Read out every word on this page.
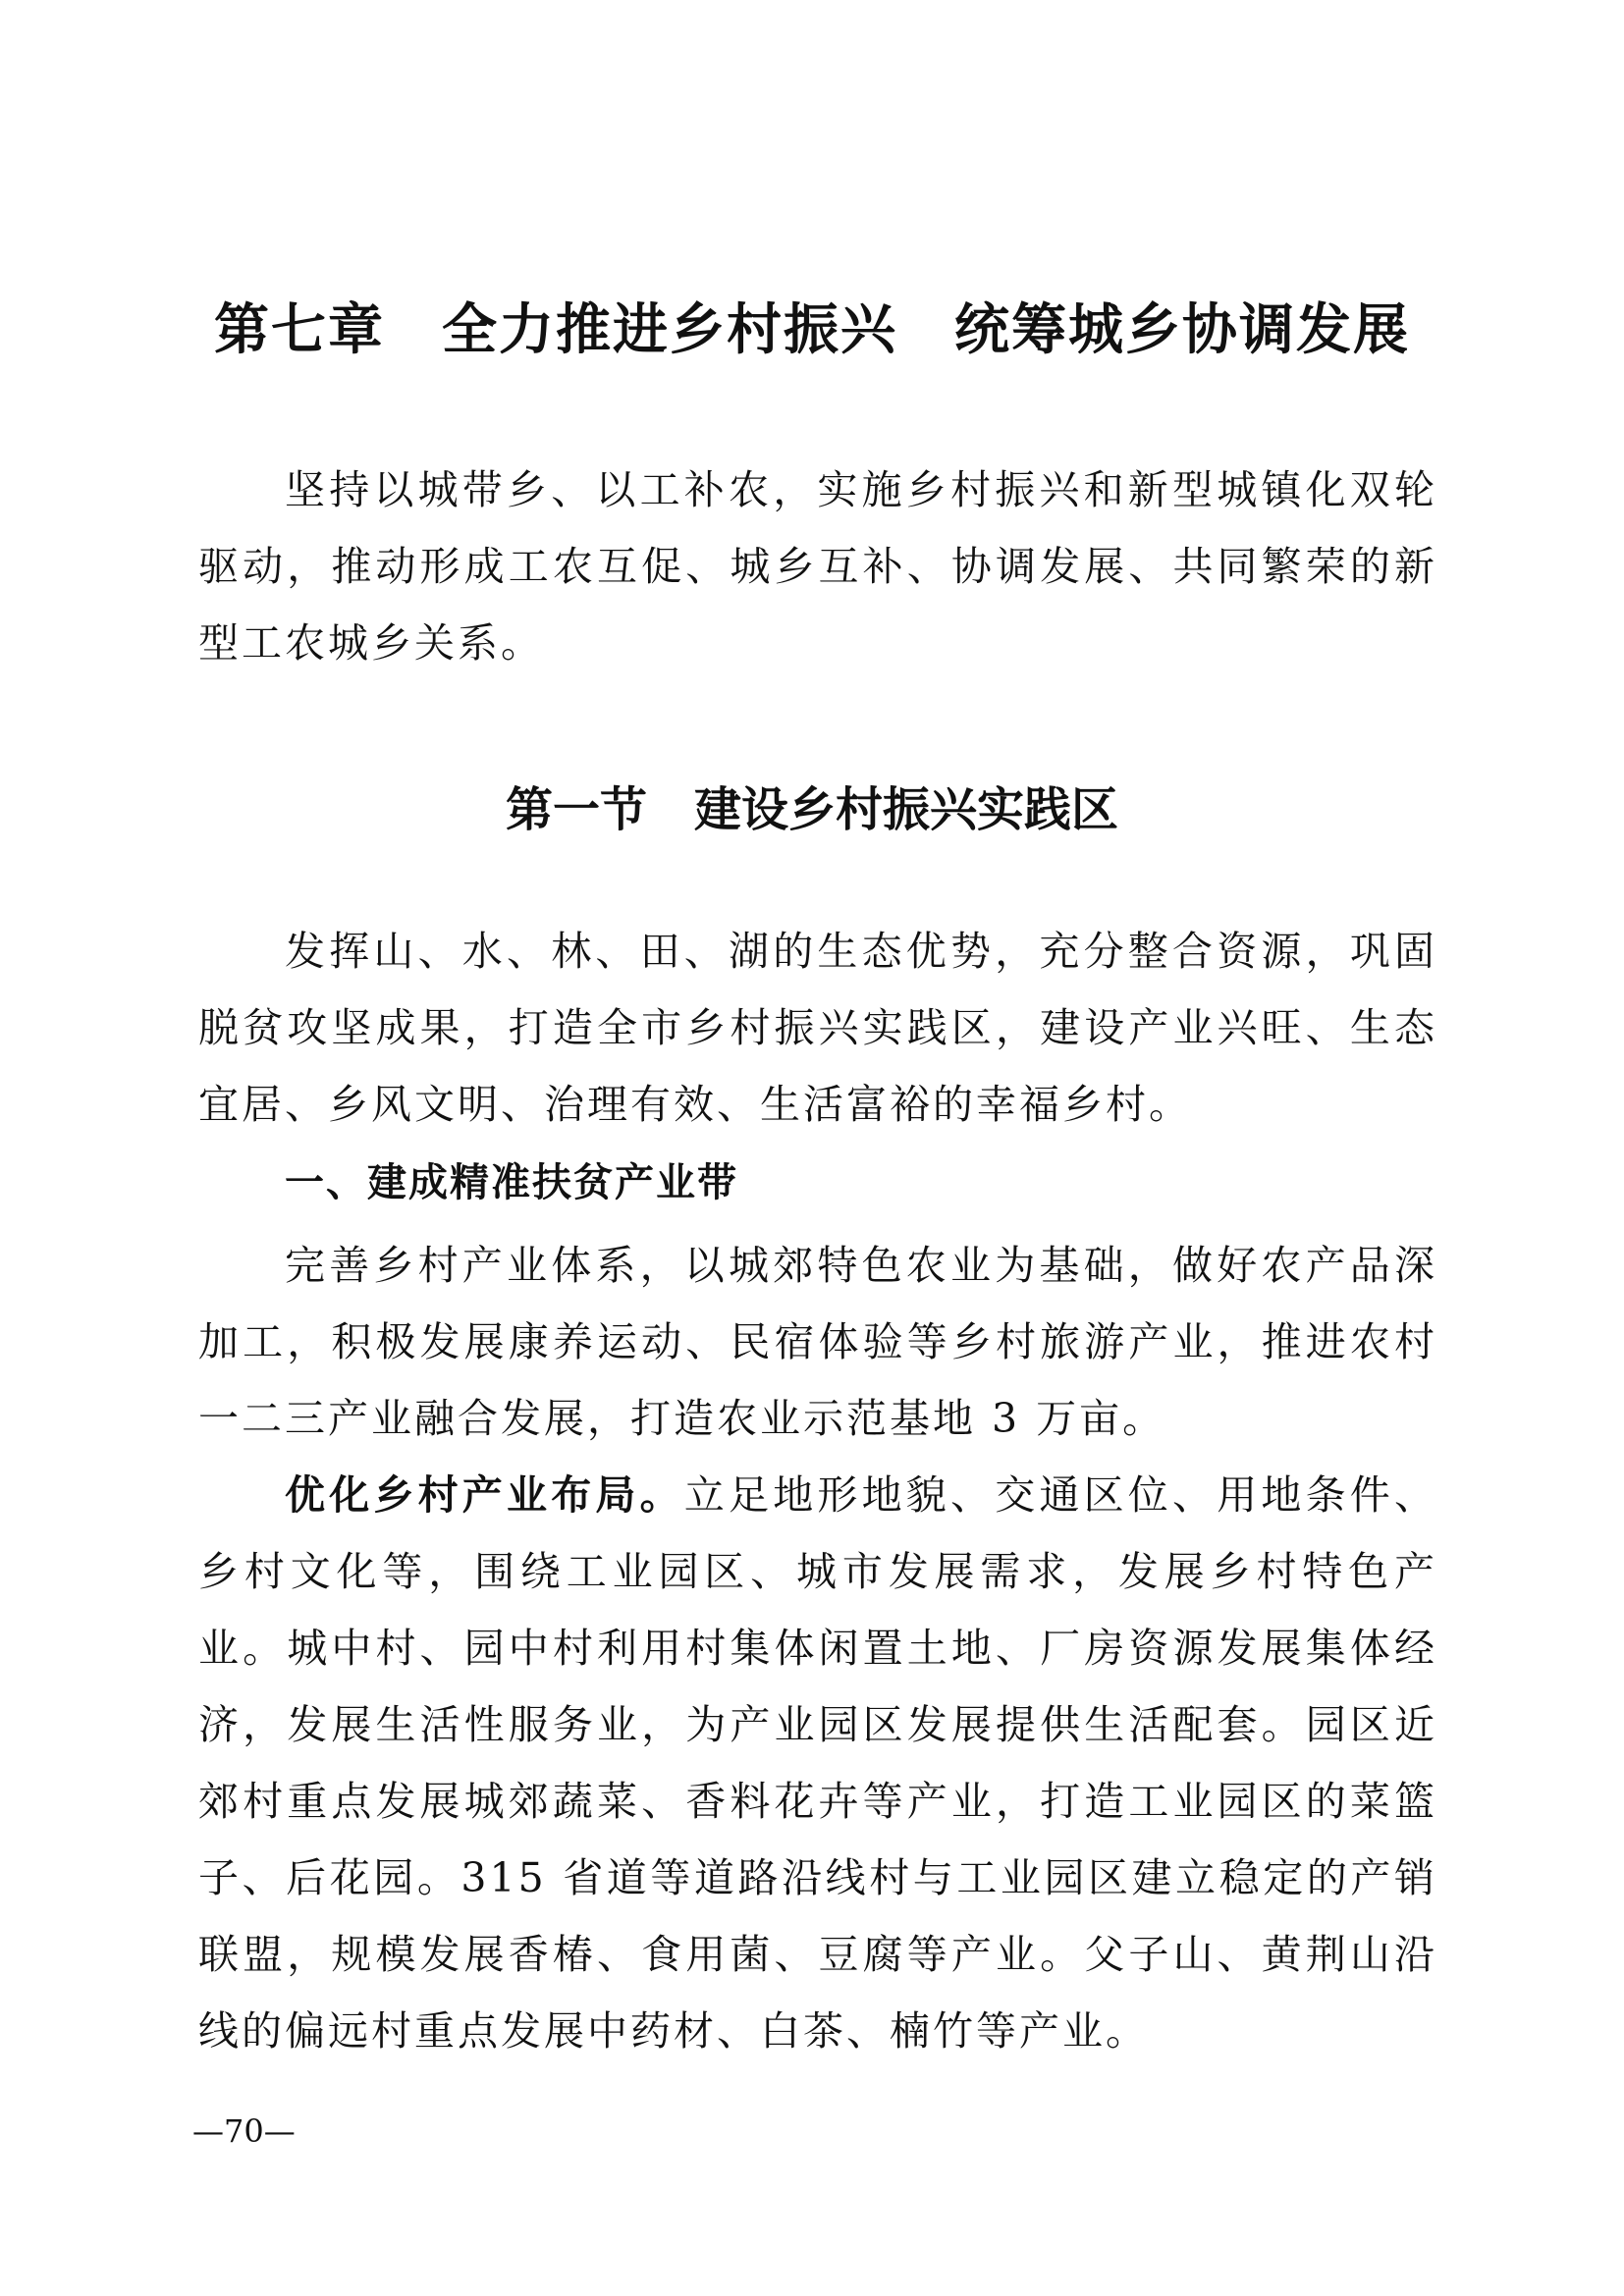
第七章　全力推进乡村振兴　统筹城乡协调发展

坚持以城带乡、以工补农，实施乡村振兴和新型城镇化双轮驱动，推动形成工农互促、城乡互补、协调发展、共同繁荣的新型工农城乡关系。

第一节　建设乡村振兴实践区

发挥山、水、林、田、湖的生态优势，充分整合资源，巩固脱贫攻坚成果，打造全市乡村振兴实践区，建设产业兴旺、生态宜居、乡风文明、治理有效、生活富裕的幸福乡村。

一、建成精准扶贫产业带

完善乡村产业体系，以城郊特色农业为基础，做好农产品深加工，积极发展康养运动、民宿体验等乡村旅游产业，推进农村一二三产业融合发展，打造农业示范基地 3 万亩。

优化乡村产业布局。立足地形地貌、交通区位、用地条件、乡村文化等，围绕工业园区、城市发展需求，发展乡村特色产业。城中村、园中村利用村集体闲置土地、厂房资源发展集体经济，发展生活性服务业，为产业园区发展提供生活配套。园区近郊村重点发展城郊蔬菜、香料花卉等产业，打造工业园区的菜篮子、后花园。315 省道等道路沿线村与工业园区建立稳定的产销联盟，规模发展香椿、食用菌、豆腐等产业。父子山、黄荆山沿线的偏远村重点发展中药材、白茶、楠竹等产业。

—70—
